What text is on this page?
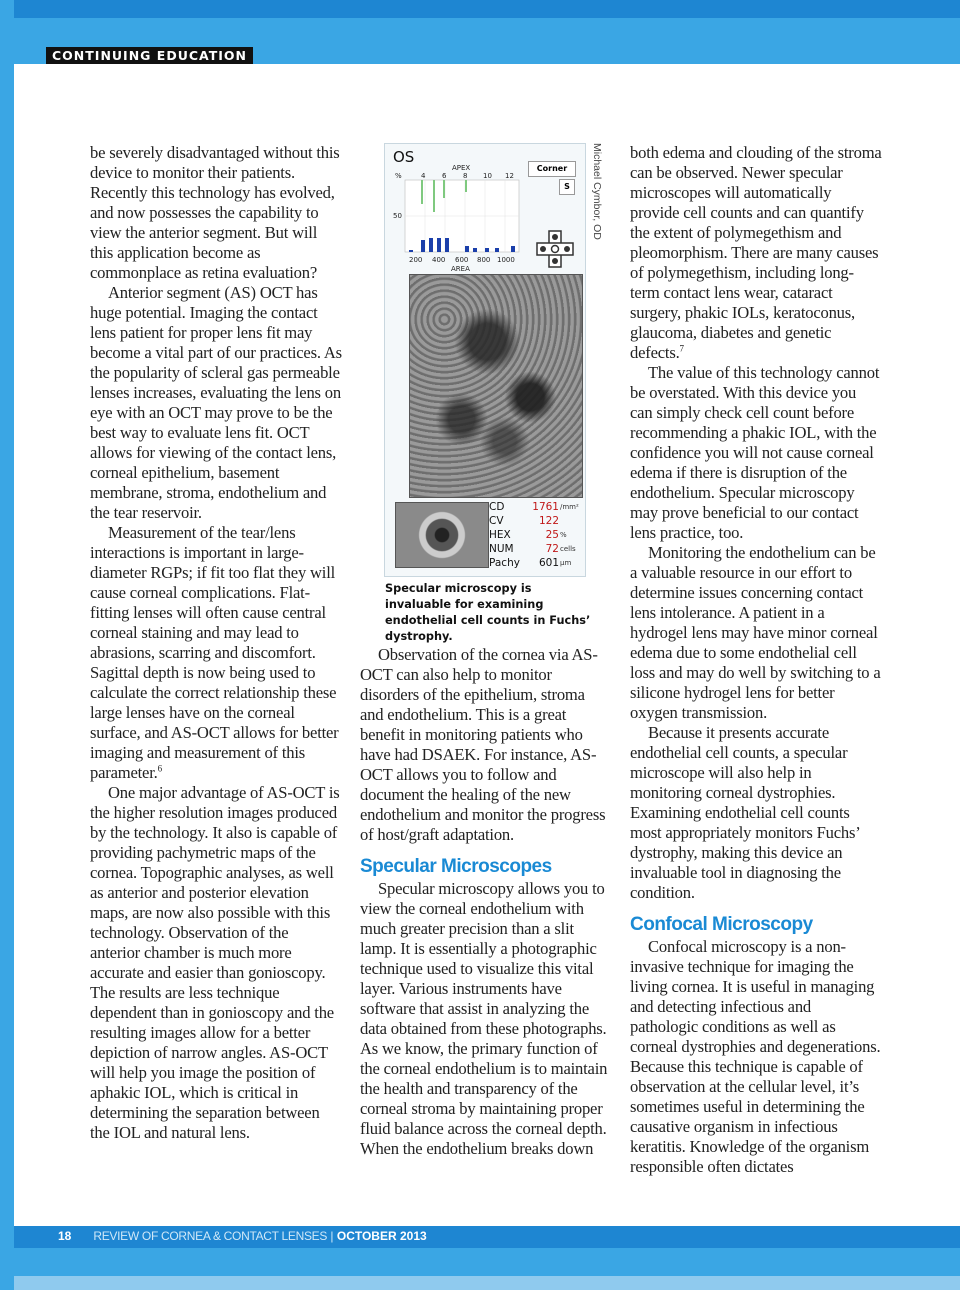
CONTINUING EDUCATION

be severely disadvantaged without this device to monitor their patients. Recently this technology has evolved, and now possesses the capability to view the anterior segment. But will this application become as commonplace as retina evaluation?

Anterior segment (AS) OCT has huge potential. Imaging the contact lens patient for proper lens fit may become a vital part of our practices. As the popularity of scleral gas permeable lenses increases, evaluating the lens on eye with an OCT may prove to be the best way to evaluate lens fit. OCT allows for viewing of the contact lens, corneal epithelium, basement membrane, stroma, endothelium and the tear reservoir.

Measurement of the tear/lens interactions is important in large-diameter RGPs; if fit too flat they will cause corneal complications. Flat-fitting lenses will often cause central corneal staining and may lead to abrasions, scarring and discomfort. Sagittal depth is now being used to calculate the correct relationship these large lenses have on the corneal surface, and AS-OCT allows for better imaging and measurement of this parameter.$^6$

One major advantage of AS-OCT is the higher resolution images produced by the technology. It also is capable of providing pachymetric maps of the cornea. Topographic analyses, as well as anterior and posterior elevation maps, are now also possible with this technology. Observation of the anterior chamber is much more accurate and easier than gonioscopy. The results are less technique dependent than in gonioscopy and the resulting images allow for a better depiction of narrow angles. AS-OCT will help you image the position of aphakic IOL, which is critical in determining the separation between the IOL and natural lens.

OS
%
APEX
4 6 8 10 12
50
200 400 600 800 1000
AREA
Corner
S
CD	1761 /mm²
CV	122
HEX	25 %
NUM	72 cells
Pachy	601 µm
Michael Cymbor, OD
Specular microscopy is invaluable for examining endothelial cell counts in Fuchs’ dystrophy.

Observation of the cornea via AS-OCT can also help to monitor disorders of the epithelium, stroma and endothelium. This is a great benefit in monitoring patients who have had DSAEK. For instance, AS-OCT allows you to follow and document the healing of the new endothelium and monitor the progress of host/graft adaptation.

Specular Microscopes

Specular microscopy allows you to view the corneal endothelium with much greater precision than a slit lamp. It is essentially a photographic technique used to visualize this vital layer. Various instruments have software that assist in analyzing the data obtained from these photographs. As we know, the primary function of the corneal endothelium is to maintain the health and transparency of the corneal stroma by maintaining proper fluid balance across the corneal depth. When the endothelium breaks down

both edema and clouding of the stroma can be observed. Newer specular microscopes will automatically provide cell counts and can quantify the extent of polymegethism and pleomorphism. There are many causes of polymegethism, including long-term contact lens wear, cataract surgery, phakic IOLs, keratoconus, glaucoma, diabetes and genetic defects.$^7$

The value of this technology cannot be overstated. With this device you can simply check cell count before recommending a phakic IOL, with the confidence you will not cause corneal edema if there is disruption of the endothelium. Specular microscopy may prove beneficial to our contact lens practice, too.

Monitoring the endothelium can be a valuable resource in our effort to determine issues concerning contact lens intolerance. A patient in a hydrogel lens may have minor corneal edema due to some endothelial cell loss and may do well by switching to a silicone hydrogel lens for better oxygen transmission.

Because it presents accurate endothelial cell counts, a specular microscope will also help in monitoring corneal dystrophies. Examining endothelial cell counts most appropriately monitors Fuchs’ dystrophy, making this device an invaluable tool in diagnosing the condition.

Confocal Microscopy

Confocal microscopy is a non-invasive technique for imaging the living cornea. It is useful in managing and detecting infectious and pathologic conditions as well as corneal dystrophies and degenerations. Because this technique is capable of observation at the cellular level, it’s sometimes useful in determining the causative organism in infectious keratitis. Knowledge of the organism responsible often dictates

18 REVIEW OF CORNEA & CONTACT LENSES | OCTOBER 2013
